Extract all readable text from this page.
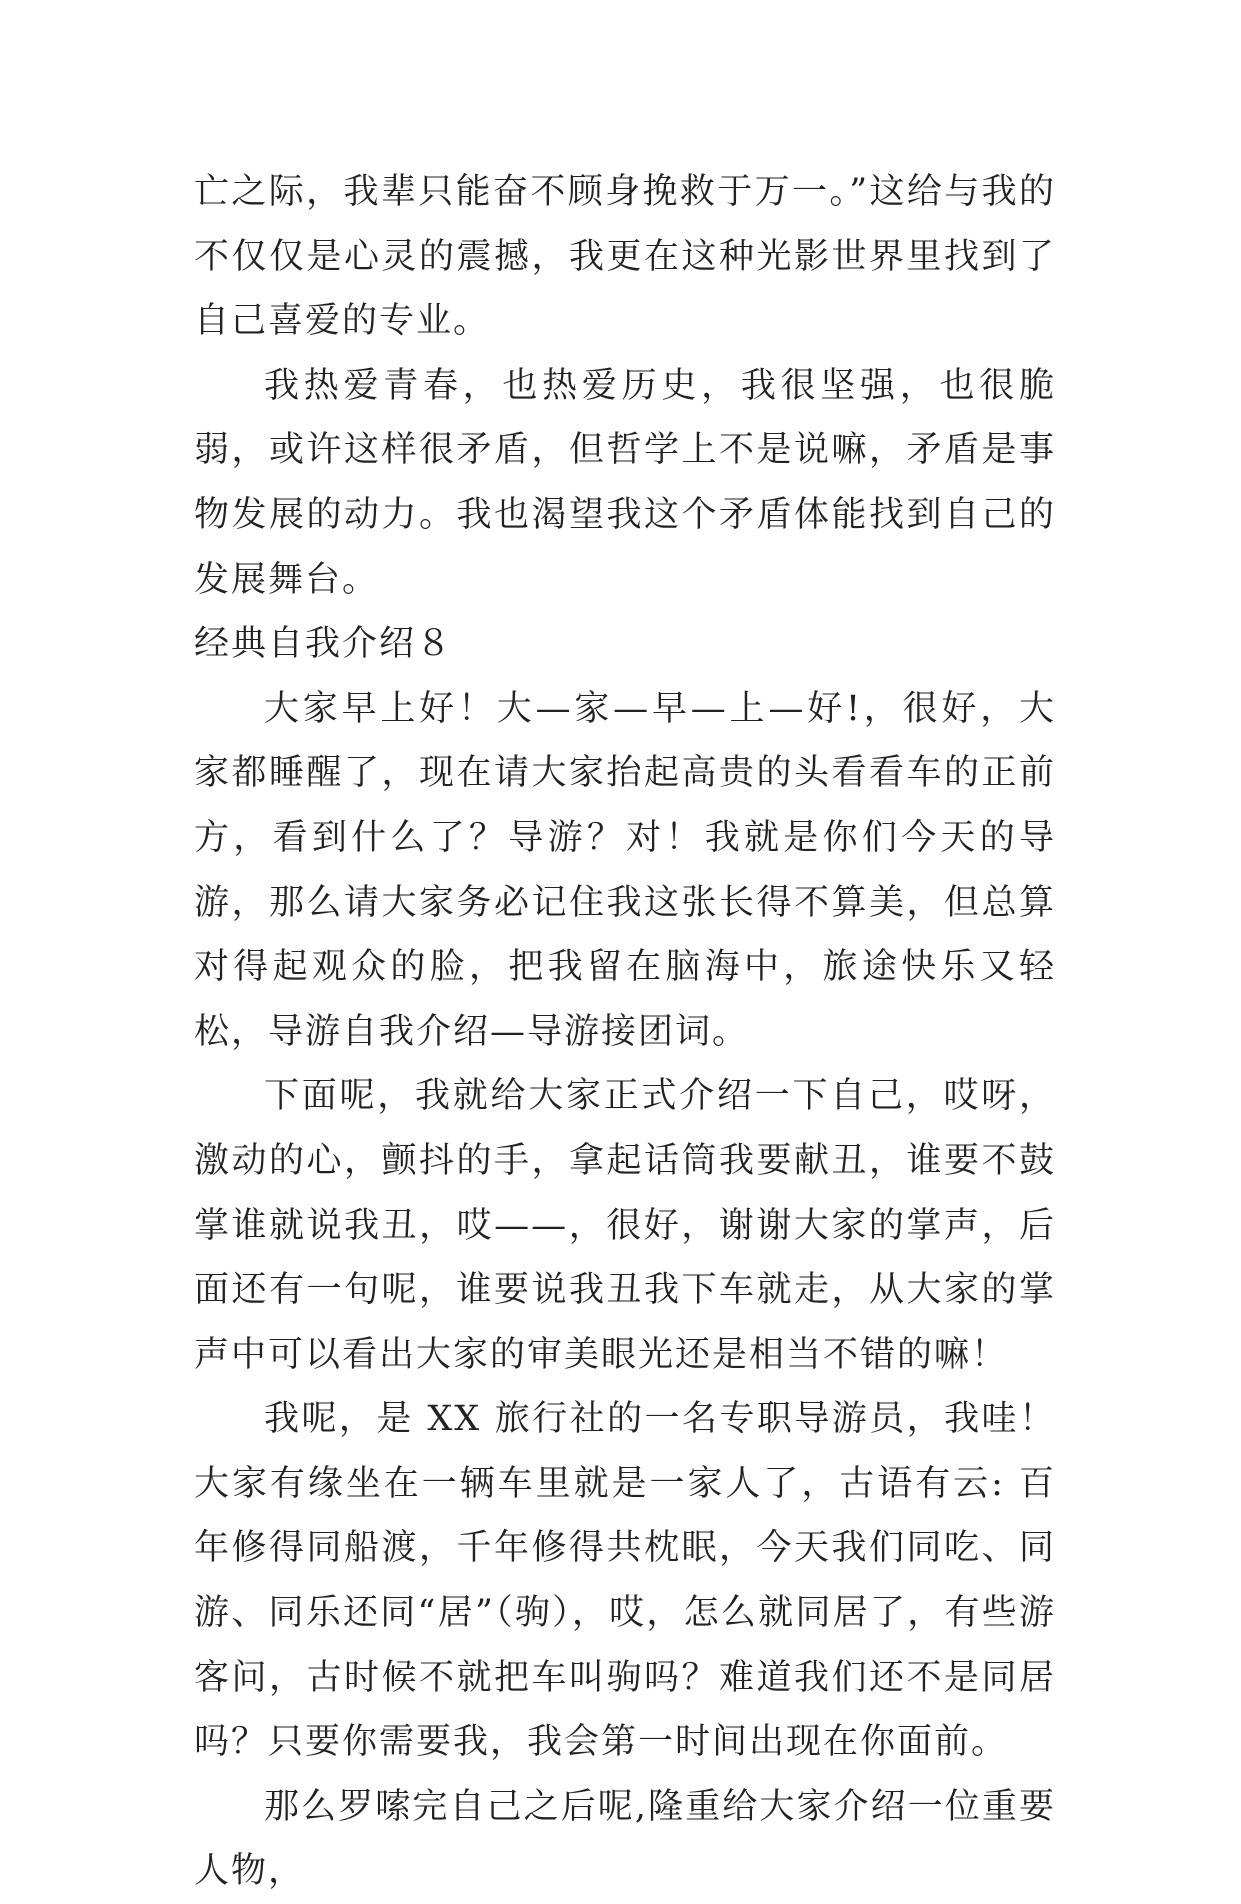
亡之际，我辈只能奋不顾身挽救于万一。”这给与我的不仅仅是心灵的震撼，我更在这种光影世界里找到了自己喜爱的专业。

我热爱青春，也热爱历史，我很坚强，也很脆弱，或许这样很矛盾，但哲学上不是说嘛，矛盾是事物发展的动力。我也渴望我这个矛盾体能找到自己的发展舞台。

经典自我介绍８

大家早上好！大—家—早—上—好!，很好，大家都睡醒了，现在请大家抬起高贵的头看看车的正前方，看到什么了？导游？对！我就是你们今天的导游，那么请大家务必记住我这张长得不算美，但总算对得起观众的脸，把我留在脑海中，旅途快乐又轻松，导游自我介绍—导游接团词。

下面呢，我就给大家正式介绍一下自己，哎呀，激动的心，颤抖的手，拿起话筒我要献丑，谁要不鼓掌谁就说我丑，哎——，很好，谢谢大家的掌声，后面还有一句呢，谁要说我丑我下车就走，从大家的掌声中可以看出大家的审美眼光还是相当不错的嘛！

我呢，是 XX 旅行社的一名专职导游员，我哇！大家有缘坐在一辆车里就是一家人了，古语有云: 百年修得同船渡，千年修得共枕眠，今天我们同吃、同游、同乐还同“居”（驹），哎，怎么就同居了，有些游客问，古时候不就把车叫驹吗？难道我们还不是同居吗？只要你需要我，我会第一时间出现在你面前。

那么罗嗦完自己之后呢,隆重给大家介绍一位重要人物，
